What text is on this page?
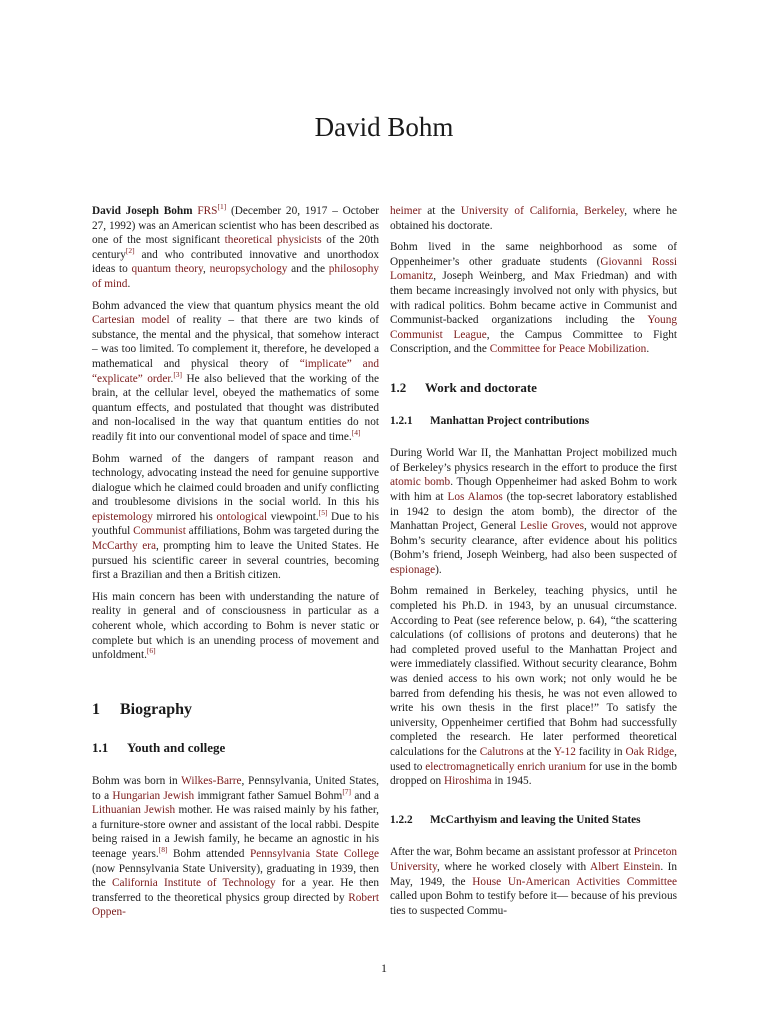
David Bohm

David Joseph Bohm FRS[1] (December 20, 1917 – October 27, 1992) was an American scientist who has been described as one of the most significant theoretical physicists of the 20th century[2] and who contributed innovative and unorthodox ideas to quantum theory, neuropsychology and the philosophy of mind.

Bohm advanced the view that quantum physics meant the old Cartesian model of reality – that there are two kinds of substance, the mental and the physical, that somehow interact – was too limited. To complement it, therefore, he developed a mathematical and physical theory of “implicate” and “explicate” order.[3] He also believed that the working of the brain, at the cellular level, obeyed the mathematics of some quantum effects, and postulated that thought was distributed and non-localised in the way that quantum entities do not readily fit into our conventional model of space and time.[4]

Bohm warned of the dangers of rampant reason and technology, advocating instead the need for genuine supportive dialogue which he claimed could broaden and unify conflicting and troublesome divisions in the social world. In this his epistemology mirrored his ontological viewpoint.[5] Due to his youthful Communist affiliations, Bohm was targeted during the McCarthy era, prompting him to leave the United States. He pursued his scientific career in several countries, becoming first a Brazilian and then a British citizen.

His main concern has been with understanding the nature of reality in general and of consciousness in particular as a coherent whole, which according to Bohm is never static or complete but which is an unending process of movement and unfoldment.[6]

1 Biography
1.1 Youth and college

Bohm was born in Wilkes-Barre, Pennsylvania, United States, to a Hungarian Jewish immigrant father Samuel Bohm[7] and a Lithuanian Jewish mother. He was raised mainly by his father, a furniture-store owner and assistant of the local rabbi. Despite being raised in a Jewish family, he became an agnostic in his teenage years.[8] Bohm attended Pennsylvania State College (now Pennsylvania State University), graduating in 1939, then the California Institute of Technology for a year. He then transferred to the theoretical physics group directed by Robert Oppen-

heimer at the University of California, Berkeley, where he obtained his doctorate.

Bohm lived in the same neighborhood as some of Oppenheimer’s other graduate students (Giovanni Rossi Lomanitz, Joseph Weinberg, and Max Friedman) and with them became increasingly involved not only with physics, but with radical politics. Bohm became active in Communist and Communist-backed organizations including the Young Communist League, the Campus Committee to Fight Conscription, and the Committee for Peace Mobilization.

1.2 Work and doctorate
1.2.1 Manhattan Project contributions

During World War II, the Manhattan Project mobilized much of Berkeley’s physics research in the effort to produce the first atomic bomb. Though Oppenheimer had asked Bohm to work with him at Los Alamos (the top-secret laboratory established in 1942 to design the atom bomb), the director of the Manhattan Project, General Leslie Groves, would not approve Bohm’s security clearance, after evidence about his politics (Bohm’s friend, Joseph Weinberg, had also been suspected of espionage).

Bohm remained in Berkeley, teaching physics, until he completed his Ph.D. in 1943, by an unusual circumstance. According to Peat (see reference below, p. 64), “the scattering calculations (of collisions of protons and deuterons) that he had completed proved useful to the Manhattan Project and were immediately classified. Without security clearance, Bohm was denied access to his own work; not only would he be barred from defending his thesis, he was not even allowed to write his own thesis in the first place!” To satisfy the university, Oppenheimer certified that Bohm had successfully completed the research. He later performed theoretical calculations for the Calutrons at the Y-12 facility in Oak Ridge, used to electromagnetically enrich uranium for use in the bomb dropped on Hiroshima in 1945.

1.2.2 McCarthyism and leaving the United States

After the war, Bohm became an assistant professor at Princeton University, where he worked closely with Albert Einstein. In May, 1949, the House Un-American Activities Committee called upon Bohm to testify before it— because of his previous ties to suspected Commu-

1
